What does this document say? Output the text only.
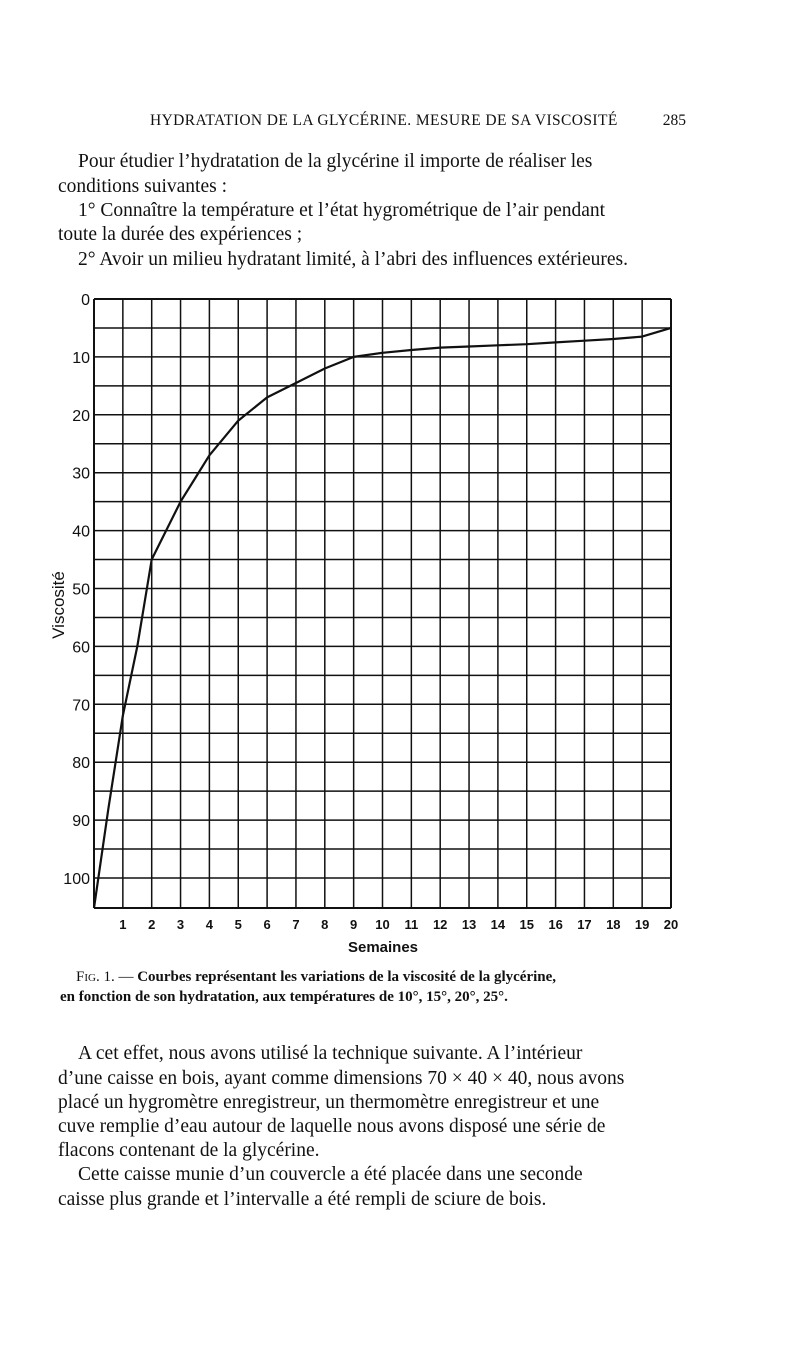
HYDRATATION DE LA GLYCÉRINE. MESURE DE SA VISCOSITÉ	285
Pour étudier l’hydratation de la glycérine il importe de réaliser les
conditions suivantes :
1° Connaître la température et l’état hygrométrique de l’air pendant
toute la durée des expériences ;
2° Avoir un milieu hydratant limité, à l’abri des influences extérieures.
0
10
20
30
40
50
60
70
80
90
100
1 2 3 4 5 6 7 8 9 10 11 12 13 14 15 16 17 18 19 20
Semaines
Viscosité
Fig. 1. — Courbes représentant les variations de la viscosité de la glycérine,
en fonction de son hydratation, aux températures de 10°, 15°, 20°, 25°.
A cet effet, nous avons utilisé la technique suivante. A l’intérieur
d’une caisse en bois, ayant comme dimensions 70 × 40 × 40, nous avons
placé un hygromètre enregistreur, un thermomètre enregistreur et une
cuve remplie d’eau autour de laquelle nous avons disposé une série de
flacons contenant de la glycérine.
Cette caisse munie d’un couvercle a été placée dans une seconde
caisse plus grande et l’intervalle a été rempli de sciure de bois.
